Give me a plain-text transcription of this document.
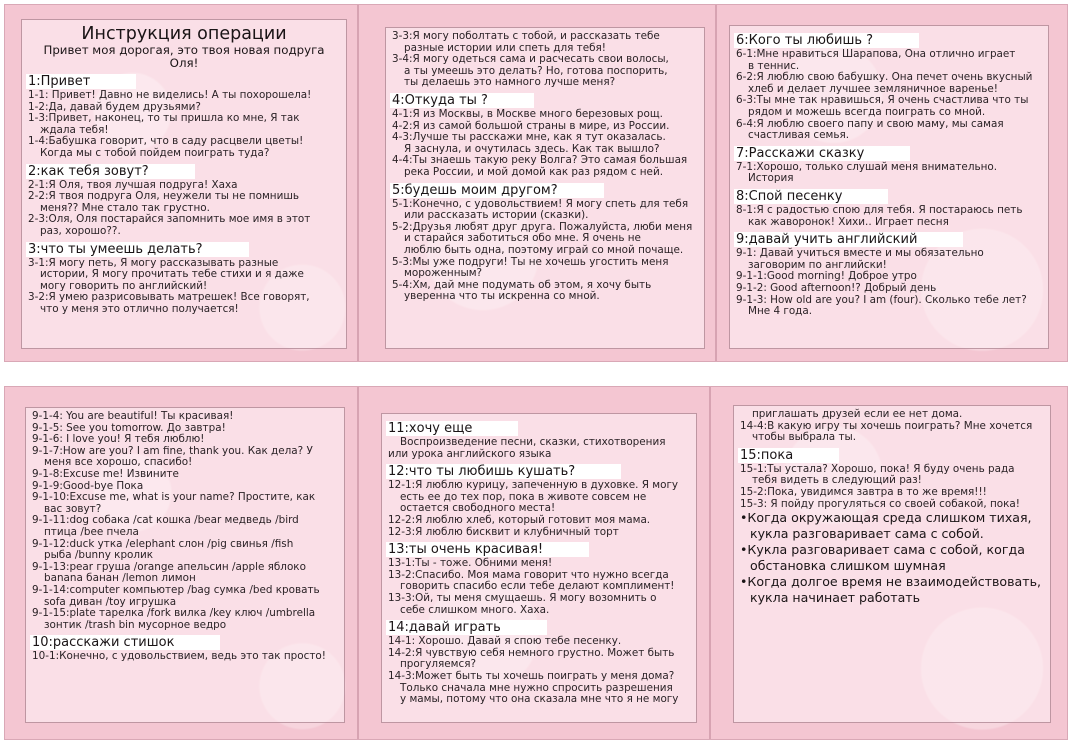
Инструкция операции
Привет моя дорогая, это твоя новая подруга Оля!
1:Привет
1-1: Привет! Давно не виделись! А ты похорошела!
1-2:Да, давай будем друзьями?
1-3:Привет, наконец, то ты пришла ко мне, Я так
ждала тебя!
1-4:Бабушка говорит, что в саду расцвели цветы!
Когда мы с тобой пойдем поиграть туда?
2:как тебя зовут?
2-1:Я Оля, твоя лучшая подруга! Хаха
2-2:Я твоя подруга Оля, неужели ты не помнишь
меня?? Мне стало так грустно.
2-3:Оля, Оля постарайся запомнить мое имя в этот
раз, хорошо??.
3:что ты умеешь делать?
3-1:Я могу петь, Я могу рассказывать разные
истории, Я могу прочитать тебе стихи и я даже
могу говорить по английский!
3-2:Я умею разрисовывать матрешек! Все говорят,
что у меня это отлично получается!
3-3:Я могу поболтать с тобой, и рассказать тебе
разные истории или спеть для тебя!
3-4:Я могу одеться сама и расчесать свои волосы,
а ты умеешь это делать? Но, готова поспорить,
ты делаешь это намного лучше меня?
4:Откуда ты ?
4-1:Я из Москвы, в Москве много березовых рощ.
4-2:Я из самой большой страны в мире, из России.
4-3:Лучше ты расскажи мне, как я тут оказалась.
Я заснула, и очутилась здесь. Как так вышло?
4-4:Ты знаешь такую реку Волга? Это самая большая
река России, и мой домой как раз рядом с ней.
5:будешь моим другом?
5-1:Конечно, с удовольствием! Я могу спеть для тебя
или рассказать истории (сказки).
5-2:Друзья любят друг друга. Пожалуйста, люби меня
и старайся заботиться обо мне. Я очень не
люблю быть одна, поэтому играй со мной почаще.
5-3:Мы уже подруги! Ты не хочешь угостить меня
мороженным?
5-4:Хм, дай мне подумать об этом, я хочу быть
уверенна что ты искренна со мной.
6:Кого ты любишь ?
6-1:Мне нравиться Шарапова, Она отлично играет
в теннис.
6-2:Я люблю свою бабушку. Она печет очень вкусный
хлеб и делает лучшее земляничное варенье!
6-3:Ты мне так нравишься, Я очень счастлива что ты
рядом и можешь всегда поиграть со мной.
6-4:Я люблю своего папу и свою маму, мы самая
счастливая семья.
7:Расскажи сказку
7-1:Хорошо, только слушай меня внимательно.
История
8:Спой песенку
8-1:Я с радостью спою для тебя. Я постараюсь петь
как жаворонок! Хихи.. Играет песня
9:давай учить английский
9-1: Давай учиться вместе и мы обязательно
заговорим по английски!
9-1-1:Good morning! Доброе утро
9-1-2: Good afternoon!? Добрый день
9-1-3: How old are you? I am (four). Сколько тебе лет?
Мне 4 года.
9-1-4: You are beautiful! Ты красивая!
9-1-5: See you tomorrow. До завтра!
9-1-6: I love you! Я тебя люблю!
9-1-7:How are you? I am fine, thank you. Как дела? У
меня все хорошо, спасибо!
9-1-8:Excuse me! Извините
9-1-9:Good-bye Пока
9-1-10:Excuse me, what is your name? Простите, как
вас зовут?
9-1-11:dog собака /cat кошка /bear медведь /bird
птица /bee пчела
9-1-12:duck утка /elephant слон /pig свинья /fish
рыба /bunny кролик
9-1-13:pear груша /orange апельсин /apple яблоко
banana банан /lemon лимон
9-1-14:computer компьютер /bag сумка /bed кровать
sofa диван /toy игрушка
9-1-15:plate тарелка /fork вилка /key ключ /umbrella
зонтик /trash bin мусорное ведро
10:расскажи стишок
10-1:Конечно, с удовольствием, ведь это так просто!
11:хочу еще
Воспроизведение песни, сказки, стихотворения
или урока английского языка
12:что ты любишь кушать?
12-1:Я люблю курицу, запеченную в духовке. Я могу
есть ее до тех пор, пока в животе совсем не
остается свободного места!
12-2:Я люблю хлеб, который готовит моя мама.
12-3:Я люблю бисквит и клубничный торт
13:ты очень красивая!
13-1:Ты - тоже. Обними меня!
13-2:Спасибо. Моя мама говорит что нужно всегда
говорить спасибо если тебе делают комплимент!
13-3:Ой, ты меня смущаешь. Я могу возомнить о
себе слишком много. Хаха.
14:давай играть
14-1: Хорошо. Давай я спою тебе песенку.
14-2:Я чувствую себя немного грустно. Может быть
прогуляемся?
14-3:Может быть ты хочешь поиграть у меня дома?
Только сначала мне нужно спросить разрешения
у мамы, потому что она сказала мне что я не могу
приглашать друзей если ее нет дома.
14-4:В какую игру ты хочешь поиграть? Мне хочется
чтобы выбрала ты.
15:пока
15-1:Ты устала? Хорошо, пока! Я буду очень рада
тебя видеть в следующий раз!
15-2:Пока, увидимся завтра в то же время!!!
15-3: Я пойду прогуляться со своей собакой, пока!
•Когда окружающая среда слишком тихая,
кукла разговаривает сама с собой.
•Кукла разговаривает сама с собой, когда
обстановка слишком шумная
•Когда долгое время не взаимодействовать,
кукла начинает работать
